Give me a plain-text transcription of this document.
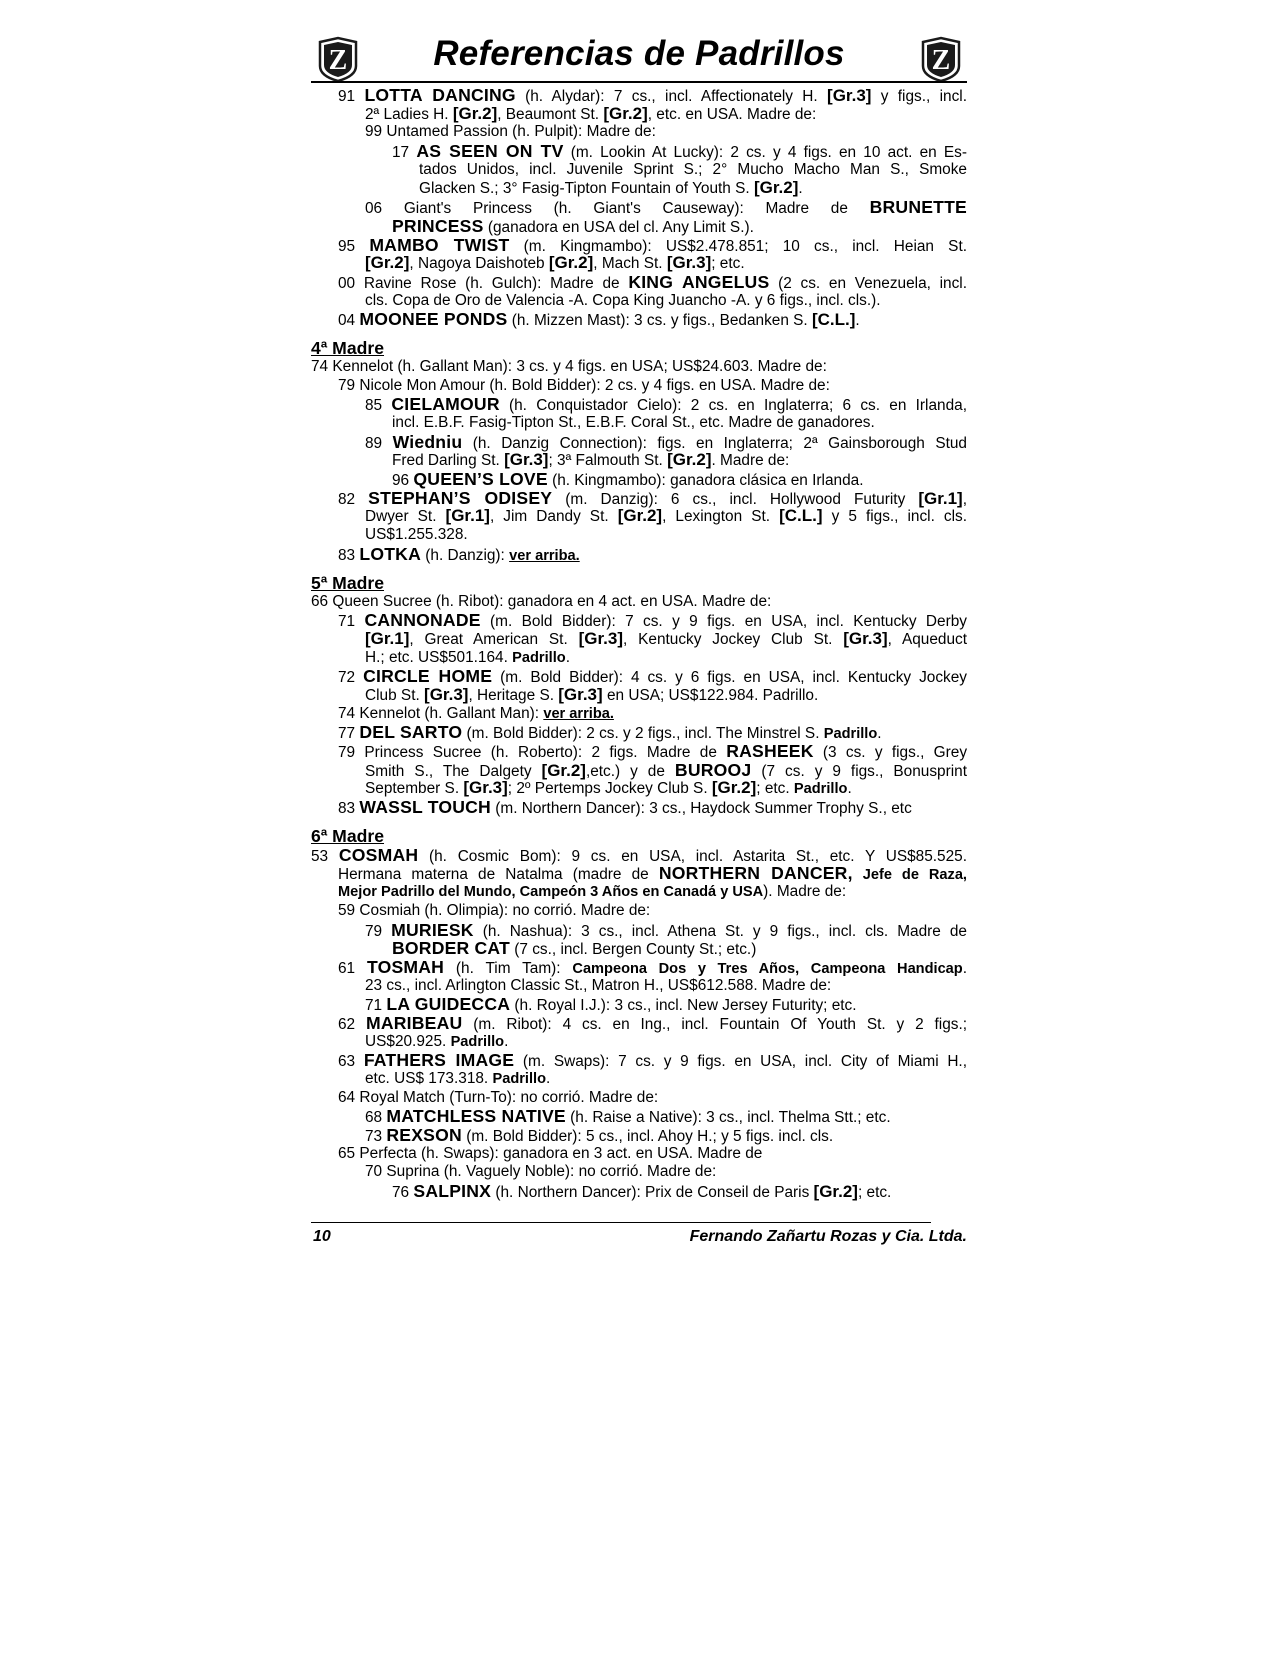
Z	Referencias de Padrillos	Z
91 LOTTA DANCING (h. Alydar): 7 cs., incl. Affectionately H. [Gr.3] y figs., incl.
2ª Ladies H. [Gr.2], Beaumont St. [Gr.2], etc. en USA. Madre de:
99 Untamed Passion (h. Pulpit): Madre de:
17 AS SEEN ON TV (m. Lookin At Lucky): 2 cs. y 4 figs. en 10 act. en Es-
tados Unidos, incl. Juvenile Sprint S.; 2° Mucho Macho Man S., Smoke
Glacken S.; 3° Fasig-Tipton Fountain of Youth S. [Gr.2].
06 Giant's Princess (h. Giant's Causeway): Madre de BRUNETTE
PRINCESS (ganadora en USA del cl. Any Limit S.).
95 MAMBO TWIST (m. Kingmambo): US$2.478.851; 10 cs., incl. Heian St.
[Gr.2], Nagoya Daishoteb [Gr.2], Mach St. [Gr.3]; etc.
00 Ravine Rose (h. Gulch): Madre de KING ANGELUS (2 cs. en Venezuela, incl.
cls. Copa de Oro de Valencia -A. Copa King Juancho -A. y 6 figs., incl. cls.).
04 MOONEE PONDS (h. Mizzen Mast): 3 cs. y figs., Bedanken S. [C.L.].
4ª Madre
74 Kennelot (h. Gallant Man): 3 cs. y 4 figs. en USA; US$24.603. Madre de:
79 Nicole Mon Amour (h. Bold Bidder): 2 cs. y 4 figs. en USA. Madre de:
85 CIELAMOUR (h. Conquistador Cielo): 2 cs. en Inglaterra; 6 cs. en Irlanda,
incl. E.B.F. Fasig-Tipton St., E.B.F. Coral St., etc. Madre de ganadores.
89 Wiedniu (h. Danzig Connection): figs. en Inglaterra; 2ª Gainsborough Stud
Fred Darling St. [Gr.3]; 3ª Falmouth St. [Gr.2]. Madre de:
96 QUEEN’S LOVE (h. Kingmambo): ganadora clásica en Irlanda.
82 STEPHAN’S ODISEY (m. Danzig): 6 cs., incl. Hollywood Futurity [Gr.1],
Dwyer St. [Gr.1], Jim Dandy St. [Gr.2], Lexington St. [C.L.] y 5 figs., incl. cls.
US$1.255.328.
83 LOTKA (h. Danzig): ver arriba.
5ª Madre
66 Queen Sucree (h. Ribot): ganadora en 4 act. en USA. Madre de:
71 CANNONADE (m. Bold Bidder): 7 cs. y 9 figs. en USA, incl. Kentucky Derby
[Gr.1], Great American St. [Gr.3], Kentucky Jockey Club St. [Gr.3], Aqueduct
H.; etc. US$501.164. Padrillo.
72 CIRCLE HOME (m. Bold Bidder): 4 cs. y 6 figs. en USA, incl. Kentucky Jockey
Club St. [Gr.3], Heritage S. [Gr.3] en USA; US$122.984. Padrillo.
74 Kennelot (h. Gallant Man): ver arriba.
77 DEL SARTO (m. Bold Bidder): 2 cs. y 2 figs., incl. The Minstrel S. Padrillo.
79 Princess Sucree (h. Roberto): 2 figs. Madre de RASHEEK (3 cs. y figs., Grey
Smith S., The Dalgety [Gr.2],etc.) y de BUROOJ (7 cs. y 9 figs., Bonusprint
September S. [Gr.3]; 2º Pertemps Jockey Club S. [Gr.2]; etc. Padrillo.
83 WASSL TOUCH (m. Northern Dancer): 3 cs., Haydock Summer Trophy S., etc
6ª Madre
53 COSMAH (h. Cosmic Bom): 9 cs. en USA, incl. Astarita St., etc. Y US$85.525.
Hermana materna de Natalma (madre de NORTHERN DANCER, Jefe de Raza,
Mejor Padrillo del Mundo, Campeón 3 Años en Canadá y USA). Madre de:
59 Cosmiah (h. Olimpia): no corrió. Madre de:
79 MURIESK (h. Nashua): 3 cs., incl. Athena St. y 9 figs., incl. cls. Madre de
BORDER CAT (7 cs., incl. Bergen County St.; etc.)
61 TOSMAH (h. Tim Tam): Campeona Dos y Tres Años, Campeona Handicap.
23 cs., incl. Arlington Classic St., Matron H., US$612.588. Madre de:
71 LA GUIDECCA (h. Royal I.J.): 3 cs., incl. New Jersey Futurity; etc.
62 MARIBEAU (m. Ribot): 4 cs. en Ing., incl. Fountain Of Youth St. y 2 figs.;
US$20.925. Padrillo.
63 FATHERS IMAGE (m. Swaps): 7 cs. y 9 figs. en USA, incl. City of Miami H.,
etc. US$ 173.318. Padrillo.
64 Royal Match (Turn-To): no corrió. Madre de:
68 MATCHLESS NATIVE (h. Raise a Native): 3 cs., incl. Thelma Stt.; etc.
73 REXSON (m. Bold Bidder): 5 cs., incl. Ahoy H.; y 5 figs. incl. cls.
65 Perfecta (h. Swaps): ganadora en 3 act. en USA. Madre de
70 Suprina (h. Vaguely Noble): no corrió. Madre de:
76 SALPINX (h. Northern Dancer): Prix de Conseil de Paris [Gr.2]; etc.
10	Fernando Zañartu Rozas y Cia. Ltda.
